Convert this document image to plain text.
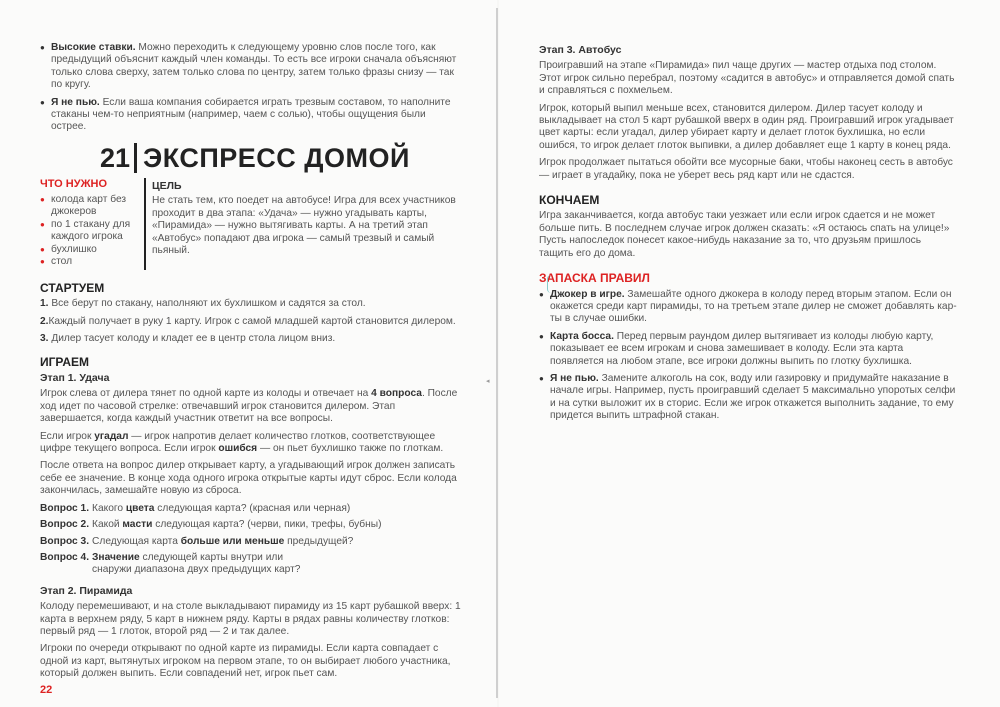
● Высокие ставки. Можно переходить к следующему уровню слов после того, как предыдущий объяснит каждый член команды. То есть все игроки сначала объясняют только слова сверху, затем только слова по центру, затем только фразы снизу — так по кругу.
● Я не пью. Если ваша компания собирается играть трезвым составом, то наполните стаканы чем-то неприятным (например, чаем с солью), чтобы ощущения были острее.
21 ЭКСПРЕСС ДОМОЙ
ЧТО НУЖНО
● колода карт без джокеров
● по 1 стакану для каждого игрока
● бухлишко
● стол
ЦЕЛЬ

Не стать тем, кто поедет на автобусе! Игра для всех участников проходит в два этапа: «Удача» — нужно угадывать карты, «Пирамида» — нужно вытягивать карты. А на третий этап «Автобус» попадают два игрока — самый трезвый и самый пьяный.

СТАРТУЕМ

1. Все берут по стакану, наполняют их бухлишком и садятся за стол.

2.Каждый получает в руку 1 карту. Игрок с самой младшей картой становится дилером.

3. Дилер тасует колоду и кладет ее в центр стола лицом вниз.

ИГРАЕМ
Этап 1. Удача

Игрок слева от дилера тянет по одной карте из колоды и отвечает на 4 вопроса. После ход идет по часовой стрелке: отвечавший игрок становится дилером. Этап завершается, когда каждый участник ответит на все вопросы.

Если игрок угадал — игрок напротив делает количество глотков, соответствующее цифре текущего вопроса. Если игрок ошибся — он пьет бухлишко также по глоткам.

После ответа на вопрос дилер открывает карту, а угадывающий игрок должен записать себе ее значение. В конце хода одного игрока открытые карты идут сброс. Если колода закончилась, замешайте новую из сброса.

Вопрос 1. Какого цвета следующая карта? (красная или черная)
Вопрос 2. Какой масти следующая карта? (черви, пики, трефы, бубны)
Вопрос 3. Следующая карта больше или меньше предыдущей?
Вопрос 4. Значение следующей карты внутри или снаружи диапазона двух предыдущих карт?
Этап 2. Пирамида

Колоду перемешивают, и на столе выкладывают пирамиду из 15 карт рубашкой вверх: 1 карта в верхнем ряду, 5 карт в нижнем ряду. Карты в рядах равны количеству глотков: первый ряд — 1 глоток, второй ряд — 2 и так далее.

Игроки по очереди открывают по одной карте из пирамиды. Если карта совпадает с одной из карт, вытянутых игроком на первом этапе, то он выбирает любого участника, который должен выпить. Если совпадений нет, игрок пьет сам.

22
◂
Этап 3. Автобус

Проигравший на этапе «Пирамида» пил чаще других — мастер отдыха под столом. Этот игрок сильно перебрал, поэтому «садится в автобус» и отправляется домой спать и справляться с похмельем.

Игрок, который выпил меньше всех, становится дилером. Дилер тасует колоду и выкладывает на стол 5 карт рубашкой вверх в один ряд. Проигравший игрок угадывает цвет карты: если угадал, дилер убирает карту и делает глоток бухлишка, но если ошибся, то игрок делает глоток выпивки, а дилер добавляет еще 1 карту в конец ряда.

Игрок продолжает пытаться обойти все мусорные баки, чтобы наконец сесть в автобус — играет в угадайку, пока не уберет весь ряд карт или не сдастся.

КОНЧАЕМ

Игра заканчивается, когда автобус таки уезжает или если игрок сдается и не может больше пить. В последнем случае игрок должен сказать: «Я остаюсь спать на улице!» Пусть напоследок понесет какое-нибудь наказание за то, что друзьям пришлось тащить его до дома.

ЗАПАСКА ПРАВИЛ
● Джокер в игре. Замешайте одного джокера в колоду перед вторым этапом. Если он окажется среди карт пирамиды, то на третьем этапе дилер не сможет добавлять карты в случае ошибки.
● Карта босса. Перед первым раундом дилер вытягивает из колоды любую карту, показывает ее всем игрокам и снова замешивает в колоду. Если эта карта появляется на любом этапе, все игроки должны выпить по глотку бухлишка.
● Я не пью. Замените алкоголь на сок, воду или газировку и придумайте наказание в начале игры. Например, пусть проигравший сделает 5 максимально упоротых селфи и на сутки выложит их в сторис. Если же игрок откажется выполнить задание, то ему придется выпить штрафной стакан.
